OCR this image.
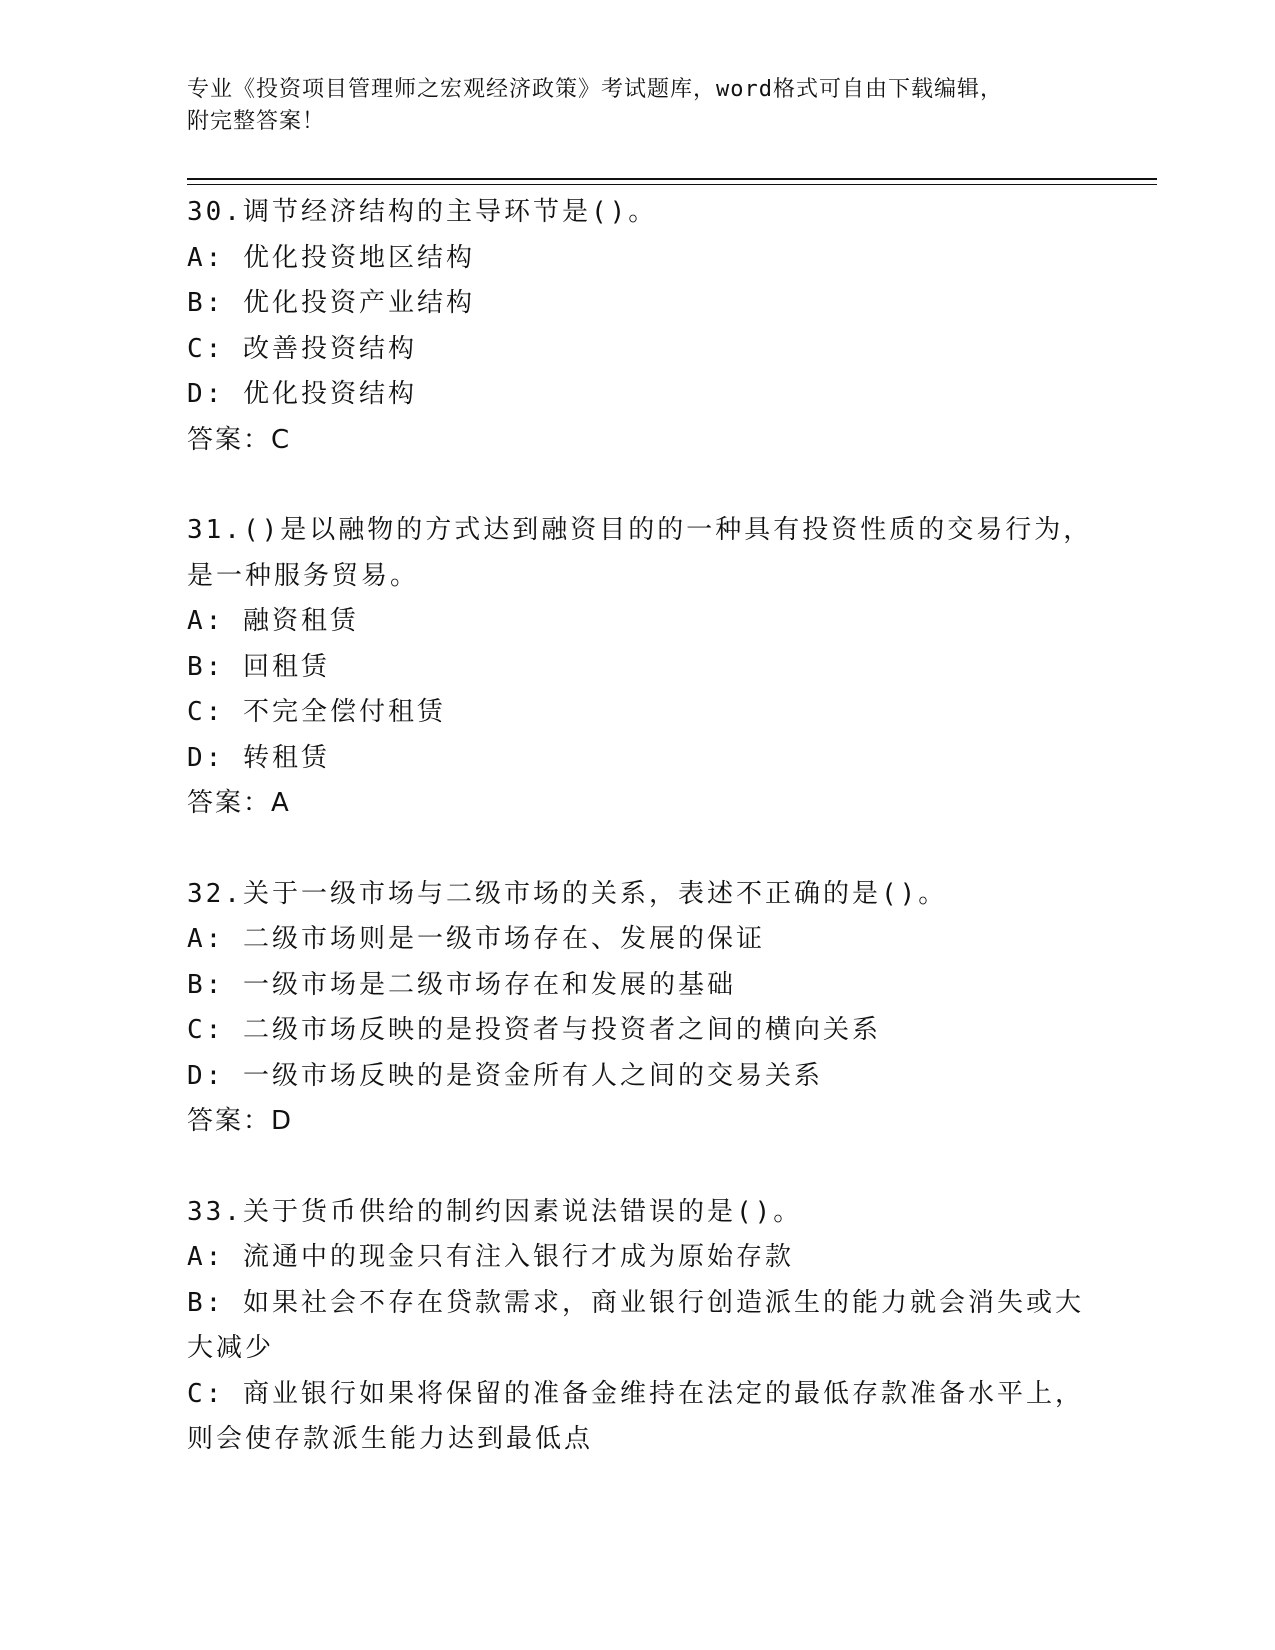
专业《投资项目管理师之宏观经济政策》考试题库，word格式可自由下载编辑，
附完整答案！
30.调节经济结构的主导环节是()。
A: 优化投资地区结构
B: 优化投资产业结构
C: 改善投资结构
D: 优化投资结构
答案：C
31.()是以融物的方式达到融资目的的一种具有投资性质的交易行为，
是一种服务贸易。
A: 融资租赁
B: 回租赁
C: 不完全偿付租赁
D: 转租赁
答案：A
32.关于一级市场与二级市场的关系，表述不正确的是()。
A: 二级市场则是一级市场存在、发展的保证
B: 一级市场是二级市场存在和发展的基础
C: 二级市场反映的是投资者与投资者之间的横向关系
D: 一级市场反映的是资金所有人之间的交易关系
答案：D
33.关于货币供给的制约因素说法错误的是()。
A: 流通中的现金只有注入银行才成为原始存款
B: 如果社会不存在贷款需求，商业银行创造派生的能力就会消失或大
大减少
C: 商业银行如果将保留的准备金维持在法定的最低存款准备水平上，
则会使存款派生能力达到最低点
